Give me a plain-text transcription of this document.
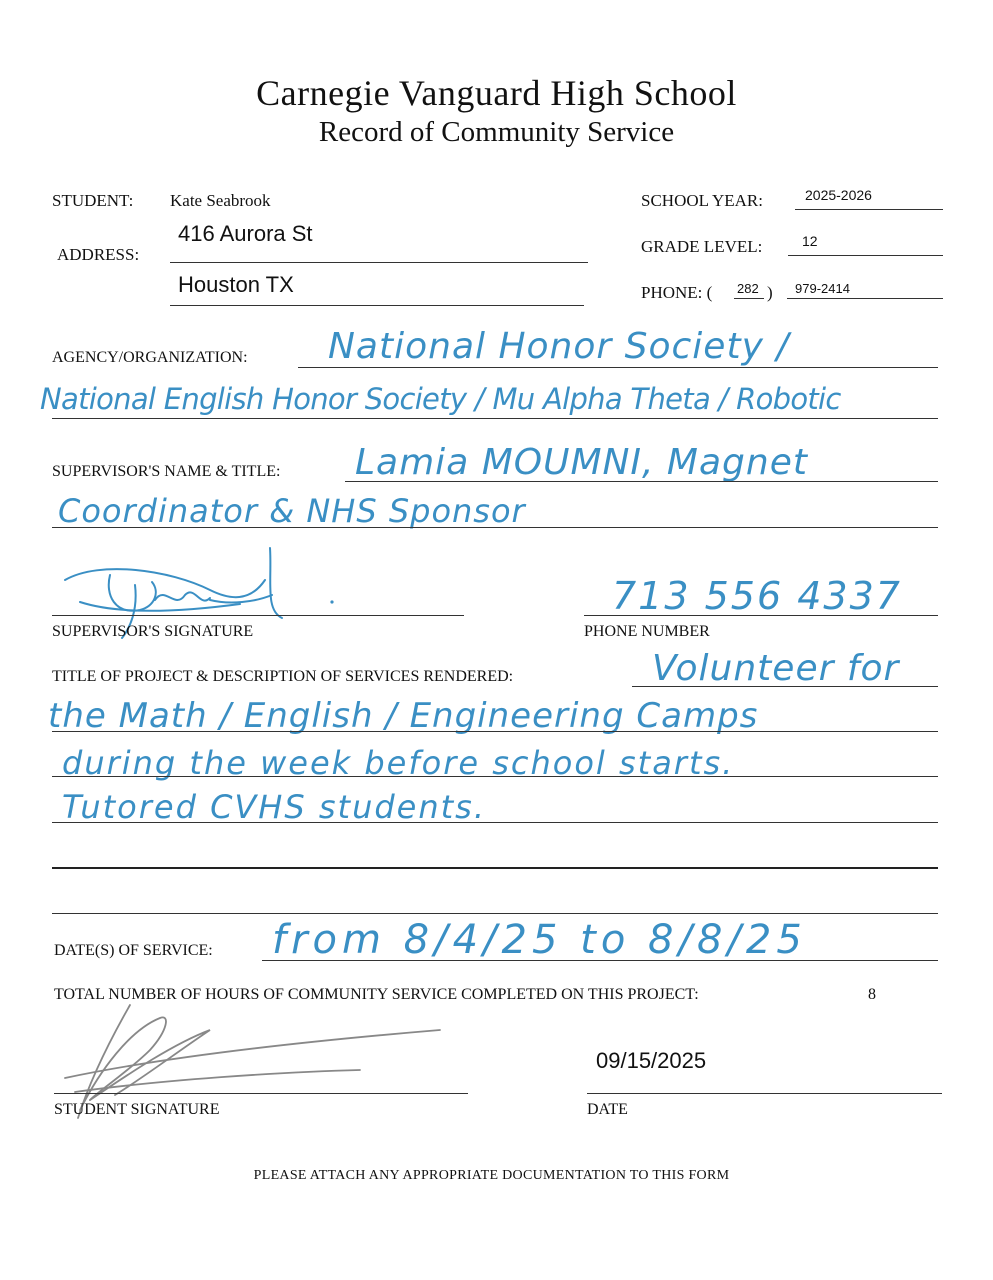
Carnegie Vanguard High School
Record of Community Service
STUDENT: Kate Seabrook
ADDRESS:
416 Aurora St
Houston TX
SCHOOL YEAR:	2025-2026
GRADE LEVEL:	12
PHONE: ( 282 ) 979-2414
AGENCY/ORGANIZATION: National Honor Society /
National English Honor Society / Mu Alpha Theta / Robotic
SUPERVISOR'S NAME & TITLE: Lamia MOUMNI, Magnet
Coordinator & NHS Sponsor
SUPERVISOR'S SIGNATURE
713 556 4337
PHONE NUMBER
TITLE OF PROJECT & DESCRIPTION OF SERVICES RENDERED:	Volunteer for
the Math / English / Engineering Camps
during the week before school starts.
Tutored CVHS students.
DATE(S) OF SERVICE: from 8/4/25 to 8/8/25
TOTAL NUMBER OF HOURS OF COMMUNITY SERVICE COMPLETED ON THIS PROJECT:	8
STUDENT SIGNATURE
09/15/2025
DATE
PLEASE ATTACH ANY APPROPRIATE DOCUMENTATION TO THIS FORM
